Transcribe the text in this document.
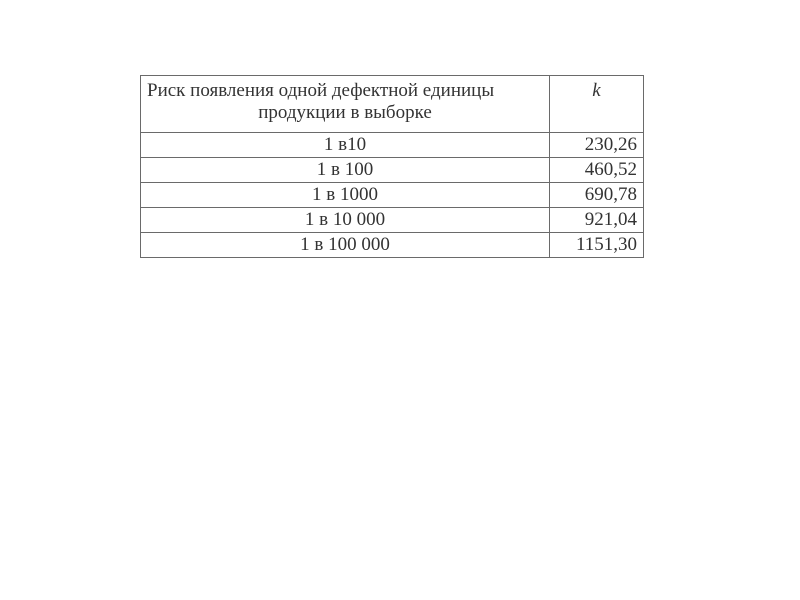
Риск появления одной дефектной единицы
продукции в выборке	k
1 в10	230,26
1 в 100	460,52
1 в 1000	690,78
1 в 10 000	921,04
1 в 100 000	1151,30
